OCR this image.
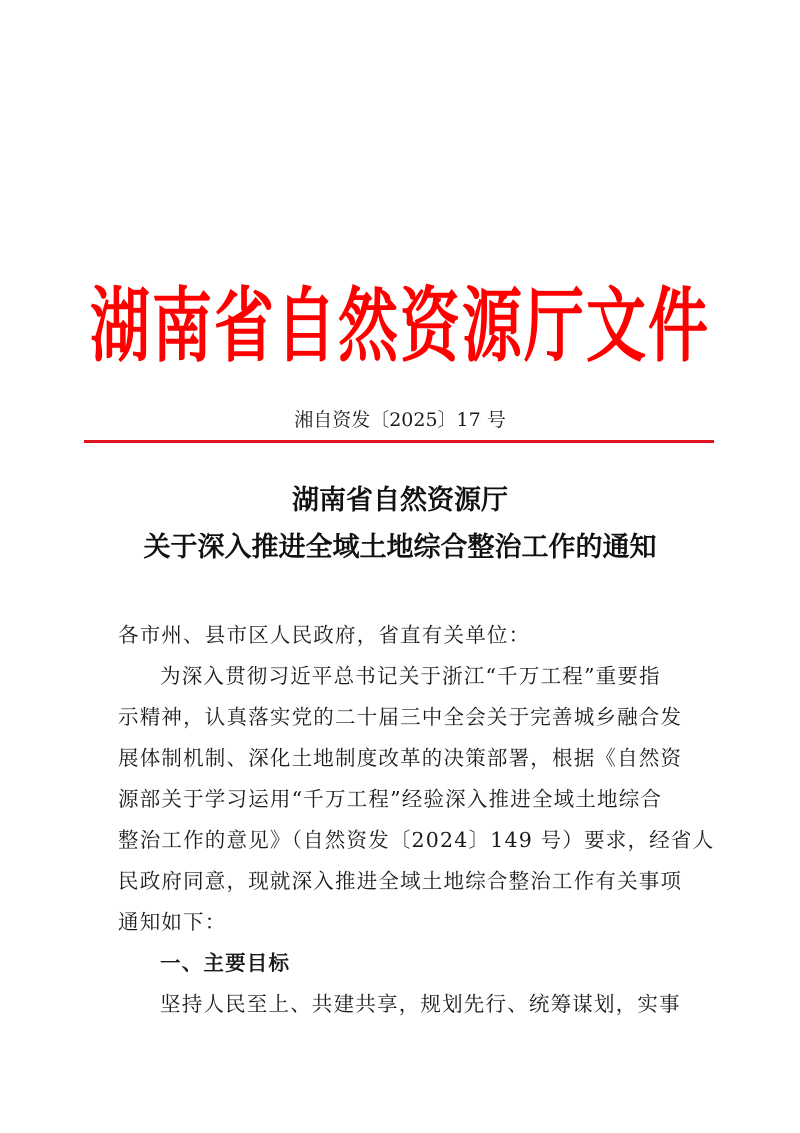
湖南省自然资源厅文件
湘自资发〔2025〕17 号
湖南省自然资源厅
关于深入推进全域土地综合整治工作的通知
各市州、县市区人民政府，省直有关单位：
为深入贯彻习近平总书记关于浙江“千万工程”重要指
示精神，认真落实党的二十届三中全会关于完善城乡融合发
展体制机制、深化土地制度改革的决策部署，根据《自然资
源部关于学习运用“千万工程”经验深入推进全域土地综合
整治工作的意见》（自然资发〔2024〕149 号）要求，经省人
民政府同意，现就深入推进全域土地综合整治工作有关事项
通知如下：
一、主要目标
坚持人民至上、共建共享，规划先行、统筹谋划，实事
